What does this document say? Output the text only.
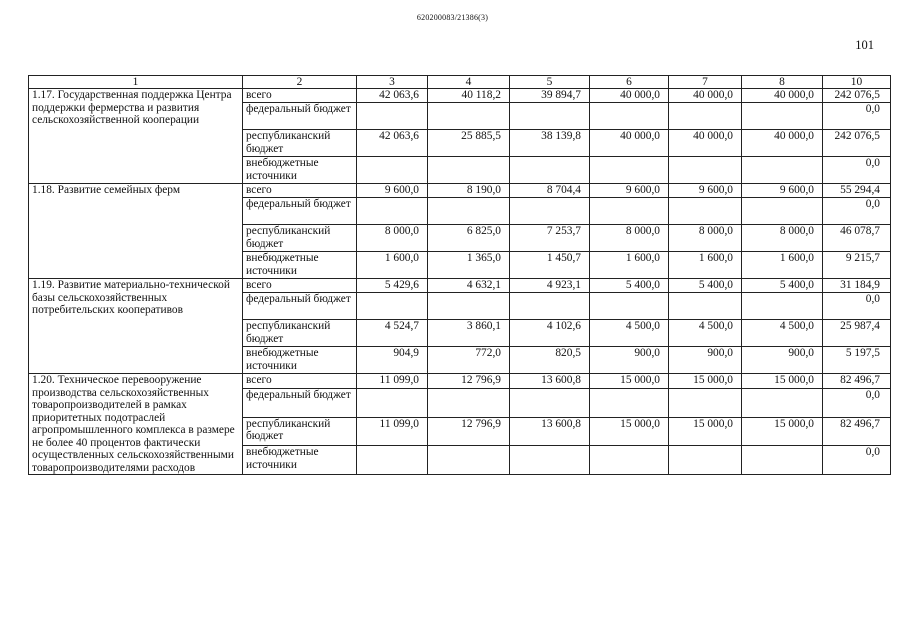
620200083/21386(3)
101
1	2	3	4	5	6	7	8	10
1.17. Государственная поддержка Центра поддержки фермерства и развития сельскохозяйственной кооперации	всего	42 063,6	40 118,2	39 894,7	40 000,0	40 000,0	40 000,0	242 076,5
	федеральный бюджет							0,0
	республиканский бюджет	42 063,6	25 885,5	38 139,8	40 000,0	40 000,0	40 000,0	242 076,5
	внебюджетные источники							0,0
1.18. Развитие семейных ферм	всего	9 600,0	8 190,0	8 704,4	9 600,0	9 600,0	9 600,0	55 294,4
	федеральный бюджет							0,0
	республиканский бюджет	8 000,0	6 825,0	7 253,7	8 000,0	8 000,0	8 000,0	46 078,7
	внебюджетные источники	1 600,0	1 365,0	1 450,7	1 600,0	1 600,0	1 600,0	9 215,7
1.19. Развитие материально-технической базы сельскохозяйственных потребительских кооперативов	всего	5 429,6	4 632,1	4 923,1	5 400,0	5 400,0	5 400,0	31 184,9
	федеральный бюджет							0,0
	республиканский бюджет	4 524,7	3 860,1	4 102,6	4 500,0	4 500,0	4 500,0	25 987,4
	внебюджетные источники	904,9	772,0	820,5	900,0	900,0	900,0	5 197,5
1.20. Техническое перевооружение производства сельскохозяйственных товаропроизводителей в рамках приоритетных подотраслей агропромышленного комплекса в размере не более 40 процентов фактически осуществленных сельскохозяйственными товаропроизводителями расходов	всего	11 099,0	12 796,9	13 600,8	15 000,0	15 000,0	15 000,0	82 496,7
	федеральный бюджет							0,0
	республиканский бюджет	11 099,0	12 796,9	13 600,8	15 000,0	15 000,0	15 000,0	82 496,7
	внебюджетные источники							0,0
